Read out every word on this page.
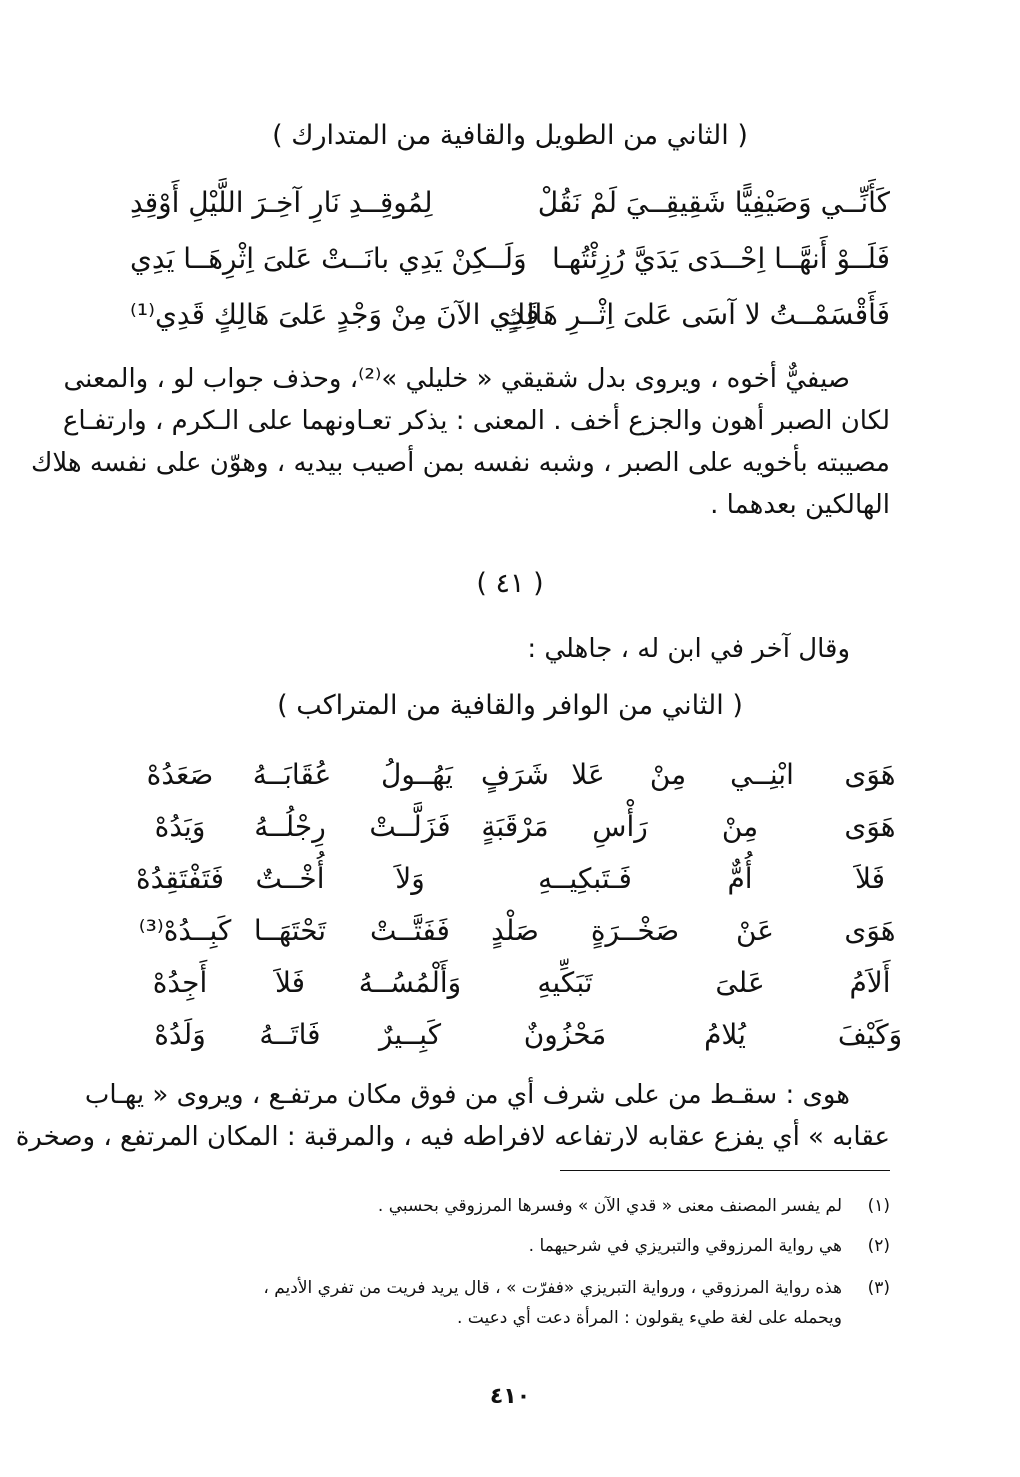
( الثاني من الطويل والقافية من المتدارك )
كَأَنِّــي وَصَيْفِيًّا شَقِيقِــيَ لَمْ نَقُلْ
لِمُوقِــدِ نَارِ آخِـرَ اللَّيْلِ أَوْقِدِ
فَلَــوْ أَنهَّــا اِحْــدَى يَدَيَّ رُزِئْتُهـا
وَلَــكِنْ يَدِي بانَــتْ عَلىَ اِثْرِهَــا يَدِي
فَأَقْسَمْــتُ لا آسَى عَلىَ اِثْــرِ هَالِكٍ
قَدِي الآنَ مِنْ وَجْدٍ عَلىَ هَالِكٍ قَدِي⁽¹⁾
صيفيٌّ أخوه ، ويروى بدل شقيقي « خليلي »⁽²⁾، وحذف جواب لو ، والمعنى
لكان الصبر أهون والجزع أخف . المعنى : يذكر تعـاونهما على الـكرم ، وارتفـاع
مصيبته بأخويه على الصبر ، وشبه نفسه بمن أصيب بيديه ، وهوّن على نفسه هلاك
الهالكين بعدهما .
( ٤١ )
وقال آخر في ابن له ، جاهلي :
( الثاني من الوافر والقافية من المتراكب )
هَوَى
ابْنِــي
مِنْ
عَلا
شَرَفٍ
يَهُــولُ
عُقَابَــهُ
صَعَدُهْ
هَوَى
مِنْ
رَأْسِ
مَرْقَبَةٍ
فَزَلَّــتْ
رِجْلُــهُ
وَيَدُهْ
فَلاَ
أُمٌّ
فَـتَبكِيــهِ
وَلاَ
أُخْــتٌ
فَتَفْتَقِدُهْ
هَوَى
عَنْ
صَخْــرَةٍ
صَلْدٍ
فَفَتَّــتْ
تَحْتَهَــا
كَبِــدُهْ⁽³⁾
أَلاَمُ
عَلىَ
تَبَكِّيهِ
وَأَلْمُسُــهُ
فَلاَ
أَجِدُهْ
وَكَيْفَ
يُلامُ
مَحْزُونٌ
كَبِــيرٌ
فَاتَــهُ
وَلَدُهْ
هوى : سقـط من على شرف أي من فوق مكان مرتفـع ، ويروى « يهـاب
عقابه » أي يفزع عقابه لارتفاعه لافراطه فيه ، والمرقبة : المكان المرتفع ، وصخرة
(١)
لم يفسر المصنف معنى « قدي الآن » وفسرها المرزوقي بحسبي .
(٢)
هي رواية المرزوقي والتبريزي في شرحيهما .
(٣)
هذه رواية المرزوقي ، ورواية التبريزي «ففرّت » ، قال يريد فريت من تفري الأديم ،
ويحمله على لغة طيء يقولون : المرأة دعت أي دعيت .
٤١٠
